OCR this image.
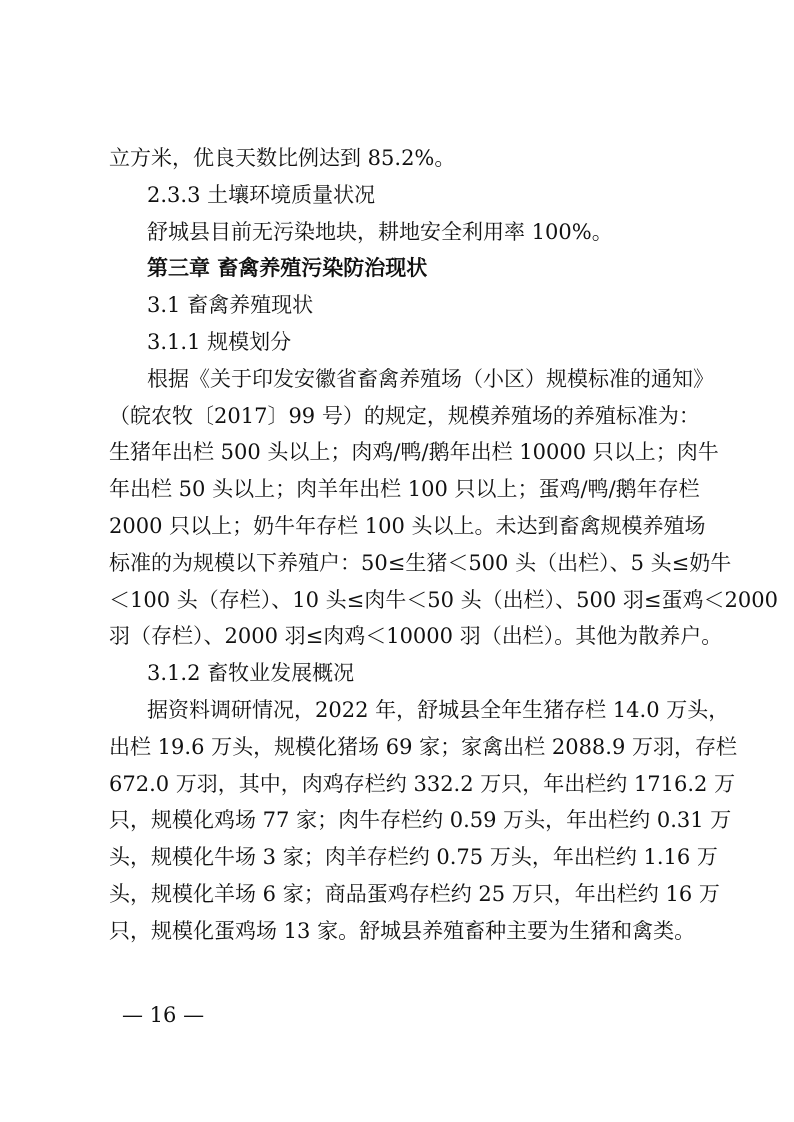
立方米，优良天数比例达到 85.2%。
2.3.3 土壤环境质量状况
舒城县目前无污染地块，耕地安全利用率 100%。
第三章 畜禽养殖污染防治现状
3.1 畜禽养殖现状
3.1.1 规模划分
根据《关于印发安徽省畜禽养殖场（小区）规模标准的通知》
（皖农牧〔2017〕99 号）的规定，规模养殖场的养殖标准为：
生猪年出栏 500 头以上；肉鸡/鸭/鹅年出栏 10000 只以上；肉牛
年出栏 50 头以上；肉羊年出栏 100 只以上；蛋鸡/鸭/鹅年存栏
2000 只以上；奶牛年存栏 100 头以上。未达到畜禽规模养殖场
标准的为规模以下养殖户：50≤生猪＜500 头（出栏）、5 头≤奶牛
＜100 头（存栏）、10 头≤肉牛＜50 头（出栏）、500 羽≤蛋鸡＜2000
羽（存栏）、2000 羽≤肉鸡＜10000 羽（出栏）。其他为散养户。
3.1.2 畜牧业发展概况
据资料调研情况，2022 年，舒城县全年生猪存栏 14.0 万头，
出栏 19.6 万头，规模化猪场 69 家；家禽出栏 2088.9 万羽，存栏
672.0 万羽，其中，肉鸡存栏约 332.2 万只，年出栏约 1716.2 万
只，规模化鸡场 77 家；肉牛存栏约 0.59 万头，年出栏约 0.31 万
头，规模化牛场 3 家；肉羊存栏约 0.75 万头，年出栏约 1.16 万
头，规模化羊场 6 家；商品蛋鸡存栏约 25 万只，年出栏约 16 万
只，规模化蛋鸡场 13 家。舒城县养殖畜种主要为生猪和禽类。
— 16 —
